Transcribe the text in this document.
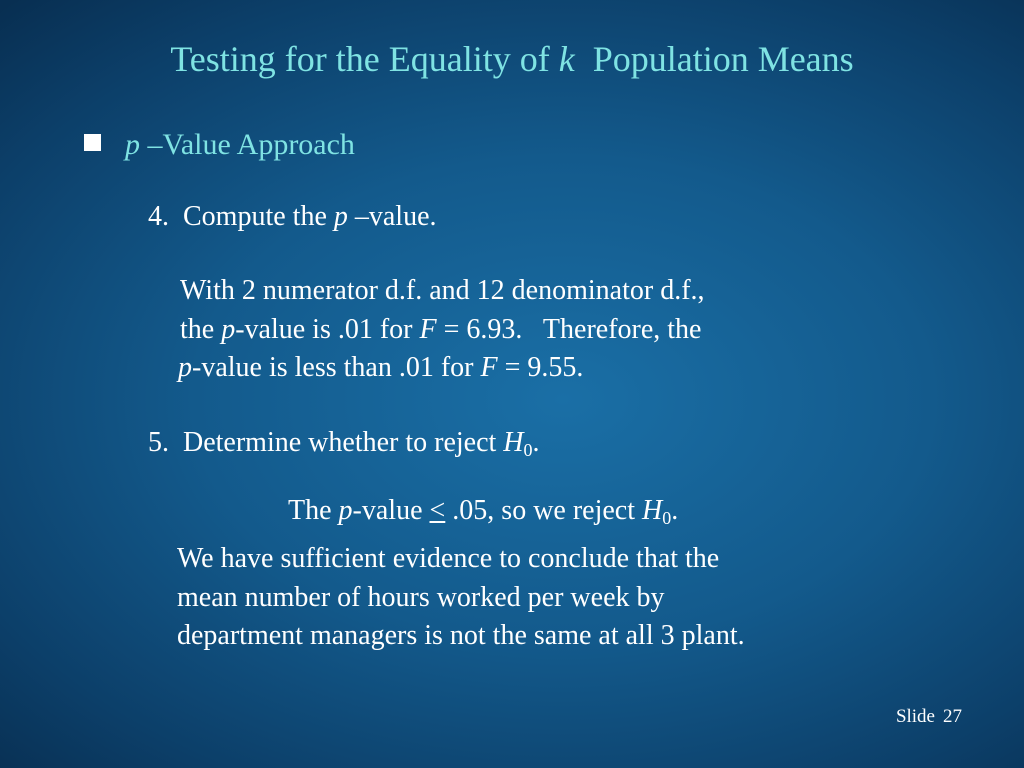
Testing for the Equality of k  Population Means
p –Value Approach
4.  Compute the p –value.
With 2 numerator d.f. and 12 denominator d.f.,
the p-value is .01 for F = 6.93.   Therefore, the
p-value is less than .01 for F = 9.55.
5.  Determine whether to reject $H_0$.
The p-value < .05, so we reject $H_0$.
We have sufficient evidence to conclude that the
mean number of hours worked per week by
department managers is not the same at all 3 plant.
Slide 27
